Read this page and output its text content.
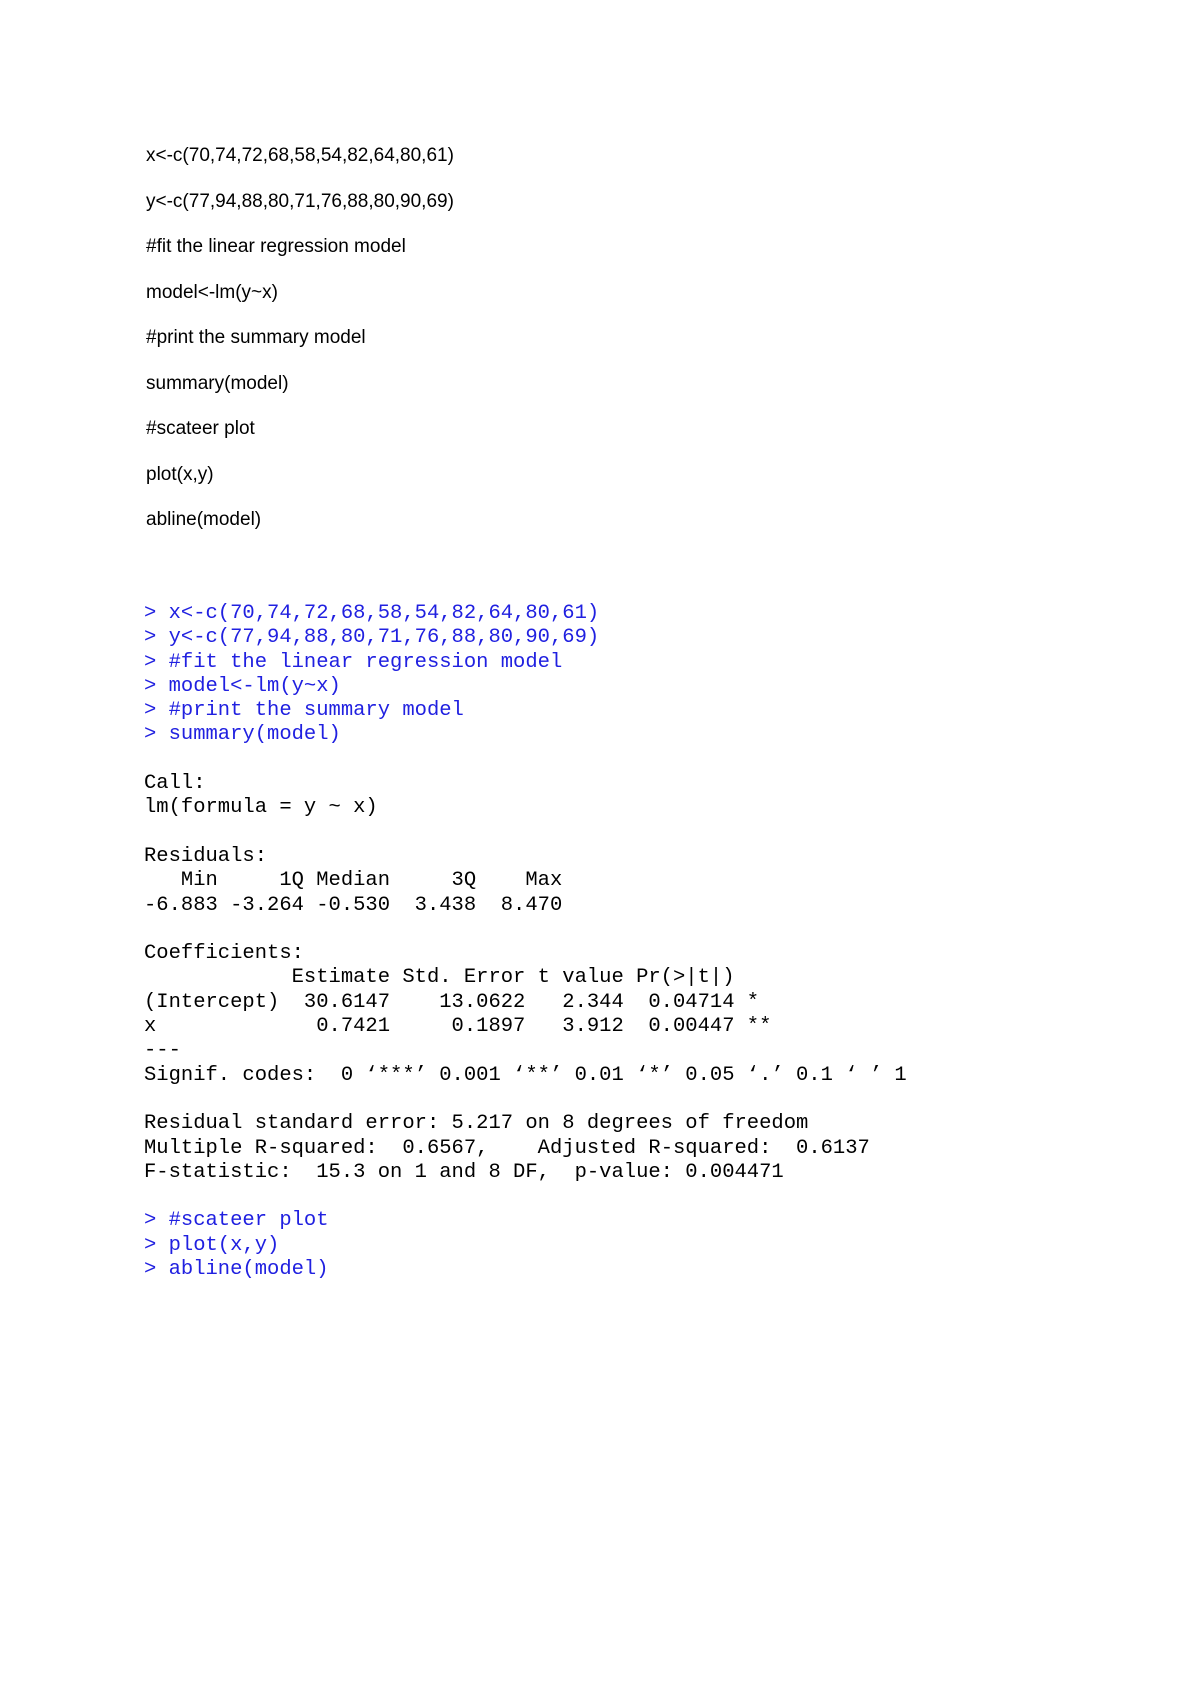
x<-c(70,74,72,68,58,54,82,64,80,61)
y<-c(77,94,88,80,71,76,88,80,90,69)
#fit the linear regression model
model<-lm(y~x)
#print the summary model
summary(model)
#scateer plot
plot(x,y)
abline(model)
> x<-c(70,74,72,68,58,54,82,64,80,61)
> y<-c(77,94,88,80,71,76,88,80,90,69)
> #fit the linear regression model
> model<-lm(y~x)
> #print the summary model
> summary(model)
Call:
lm(formula = y ~ x)
Residuals:
Min     1Q Median     3Q    Max
-6.883 -3.264 -0.530  3.438  8.470
Coefficients:
Estimate Std. Error t value Pr(>|t|)
(Intercept)  30.6147    13.0622   2.344  0.04714 *
x             0.7421     0.1897   3.912  0.00447 **
---
Signif. codes:  0 ‘***’ 0.001 ‘**’ 0.01 ‘*’ 0.05 ‘.’ 0.1 ‘ ’ 1
Residual standard error: 5.217 on 8 degrees of freedom
Multiple R-squared:  0.6567,	Adjusted R-squared:  0.6137
F-statistic:  15.3 on 1 and 8 DF,  p-value: 0.004471
> #scateer plot
> plot(x,y)
> abline(model)
